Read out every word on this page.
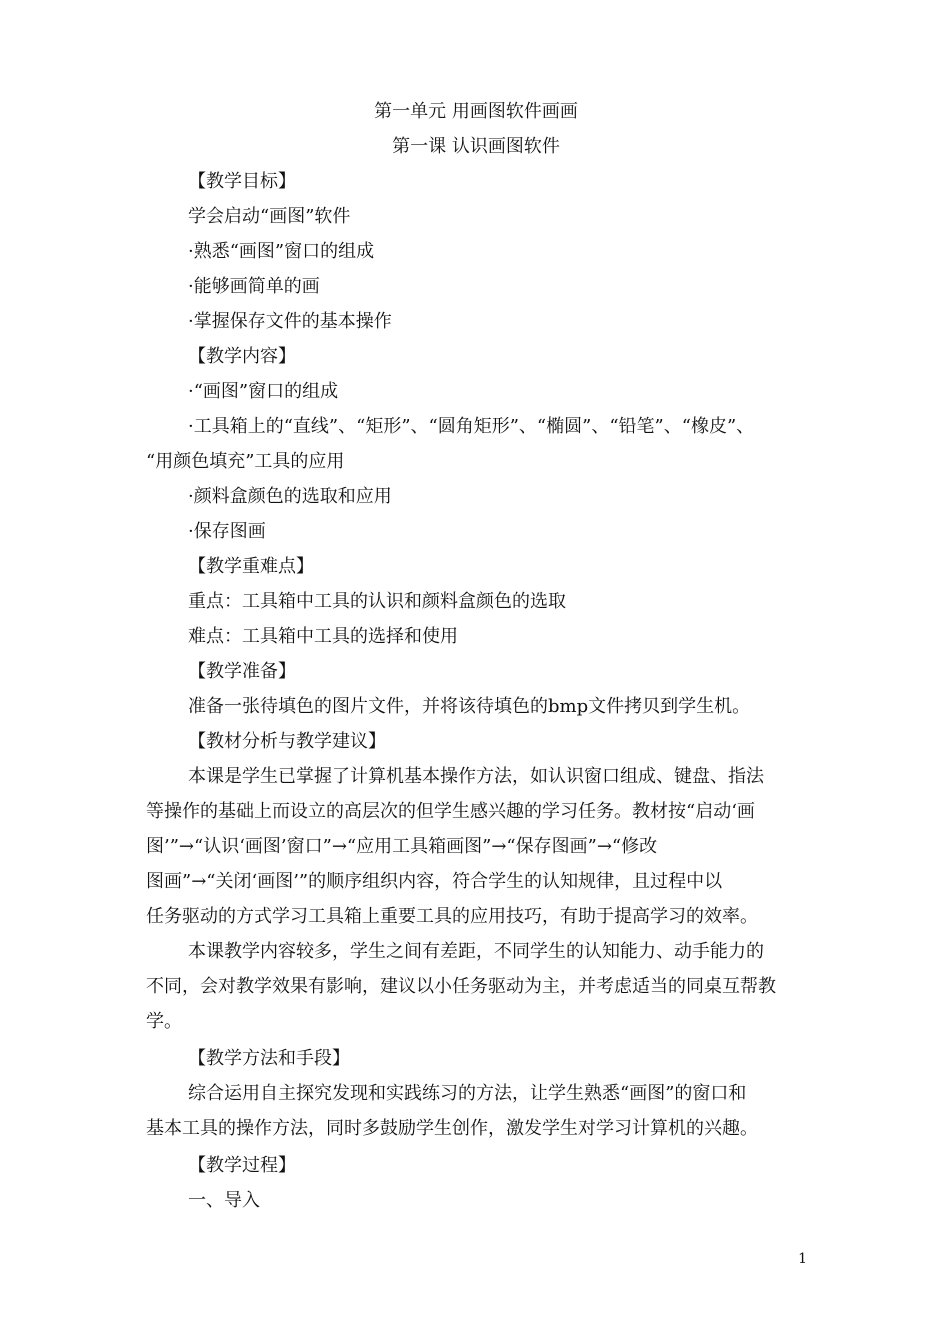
第一单元 用画图软件画画
第一课 认识画图软件
【教学目标】
学会启动“画图”软件
·熟悉“画图”窗口的组成
·能够画简单的画
·掌握保存文件的基本操作
【教学内容】
·“画图”窗口的组成
·工具箱上的“直线”、“矩形”、“圆角矩形”、“椭圆”、“铅笔”、“橡皮”、
“用颜色填充”工具的应用
·颜料盒颜色的选取和应用
·保存图画
【教学重难点】
重点：工具箱中工具的认识和颜料盒颜色的选取
难点：工具箱中工具的选择和使用
【教学准备】
准备一张待填色的图片文件，并将该待填色的bmp文件拷贝到学生机。
【教材分析与教学建议】
本课是学生已掌握了计算机基本操作方法，如认识窗口组成、键盘、指法
等操作的基础上而设立的高层次的但学生感兴趣的学习任务。教材按“启动‘画
图’”→“认识‘画图’窗口”→“应用工具箱画图”→“保存图画”→“修改
图画”→“关闭‘画图’”的顺序组织内容，符合学生的认知规律，且过程中以
任务驱动的方式学习工具箱上重要工具的应用技巧，有助于提高学习的效率。
本课教学内容较多，学生之间有差距，不同学生的认知能力、动手能力的
不同，会对教学效果有影响，建议以小任务驱动为主，并考虑适当的同桌互帮教
学。
【教学方法和手段】
综合运用自主探究发现和实践练习的方法，让学生熟悉“画图”的窗口和
基本工具的操作方法，同时多鼓励学生创作，激发学生对学习计算机的兴趣。
【教学过程】
一、导入
1
